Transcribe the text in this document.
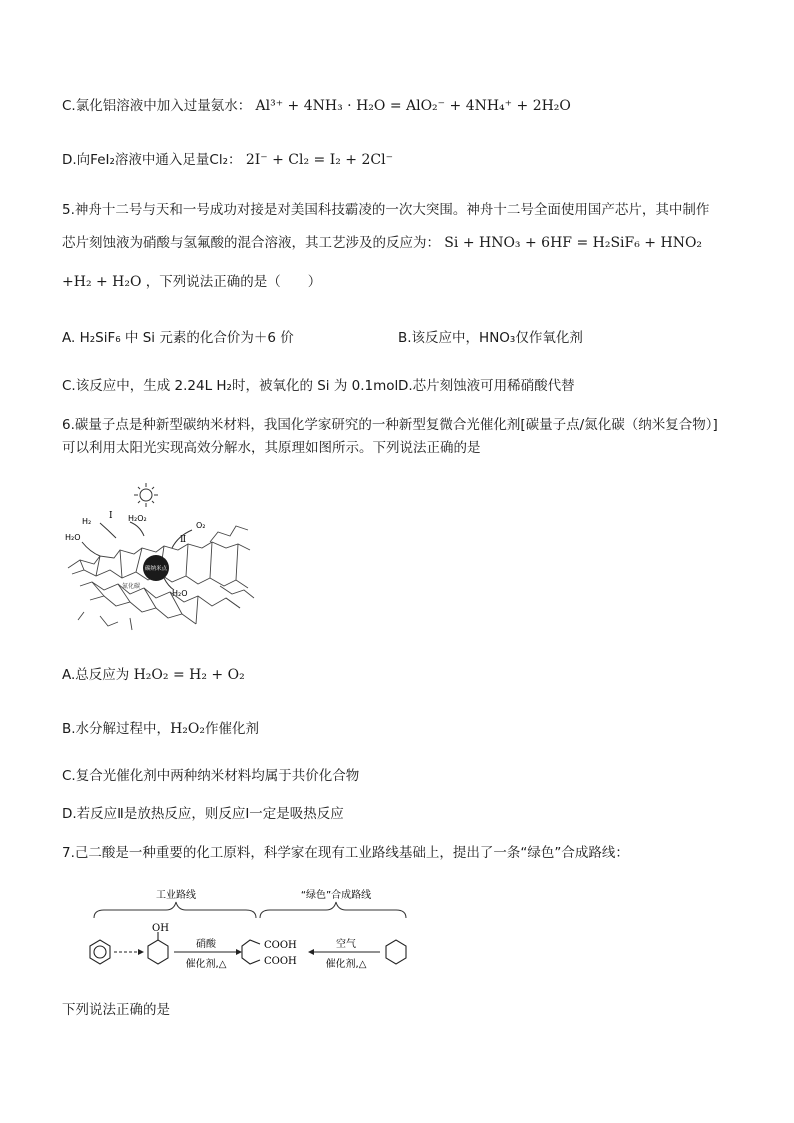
C.氯化铝溶液中加入过量氨水： Al³⁺ + 4NH₃ · H₂O = AlO₂⁻ + 4NH₄⁺ + 2H₂O
D.向FeI₂溶液中通入足量Cl₂： 2I⁻ + Cl₂ = I₂ + 2Cl⁻
5.神舟十二号与天和一号成功对接是对美国科技霸凌的一次大突围。神舟十二号全面使用国产芯片，其中制作
芯片刻蚀液为硝酸与氢氟酸的混合溶液，其工艺涉及的反应为： Si + HNO₃ + 6HF = H₂SiF₆ + HNO₂
+H₂ + H₂O ，下列说法正确的是（　　）
A. H₂SiF₆ 中 Si 元素的化合价为＋6 价	B.该反应中，HNO₃仅作氧化剂
C.该反应中，生成 2.24L H₂时，被氧化的 Si 为 0.1mol D.芯片刻蚀液可用稀硝酸代替
6.碳量子点是种新型碳纳米材料，我国化学家研究的一种新型复微合光催化剂[碳量子点/氮化碳（纳米复合物）]
可以利用太阳光实现高效分解水，其原理如图所示。下列说法正确的是
H₂
Ⅰ H₂O₂
O₂
Ⅱ
H₂O
H₂O
氮化碳
碳纳米点
A.总反应为 H₂O₂ = H₂ + O₂
B.水分解过程中，H₂O₂作催化剂
C.复合光催化剂中两种纳米材料均属于共价化合物
D.若反应Ⅱ是放热反应，则反应Ⅰ一定是吸热反应
7.己二酸是一种重要的化工原料，科学家在现有工业路线基础上，提出了一条“绿色”合成路线：
工业路线	“绿色”合成路线
OH
硝酸
催化剂,△
COOH
COOH
空气
催化剂,△
下列说法正确的是
